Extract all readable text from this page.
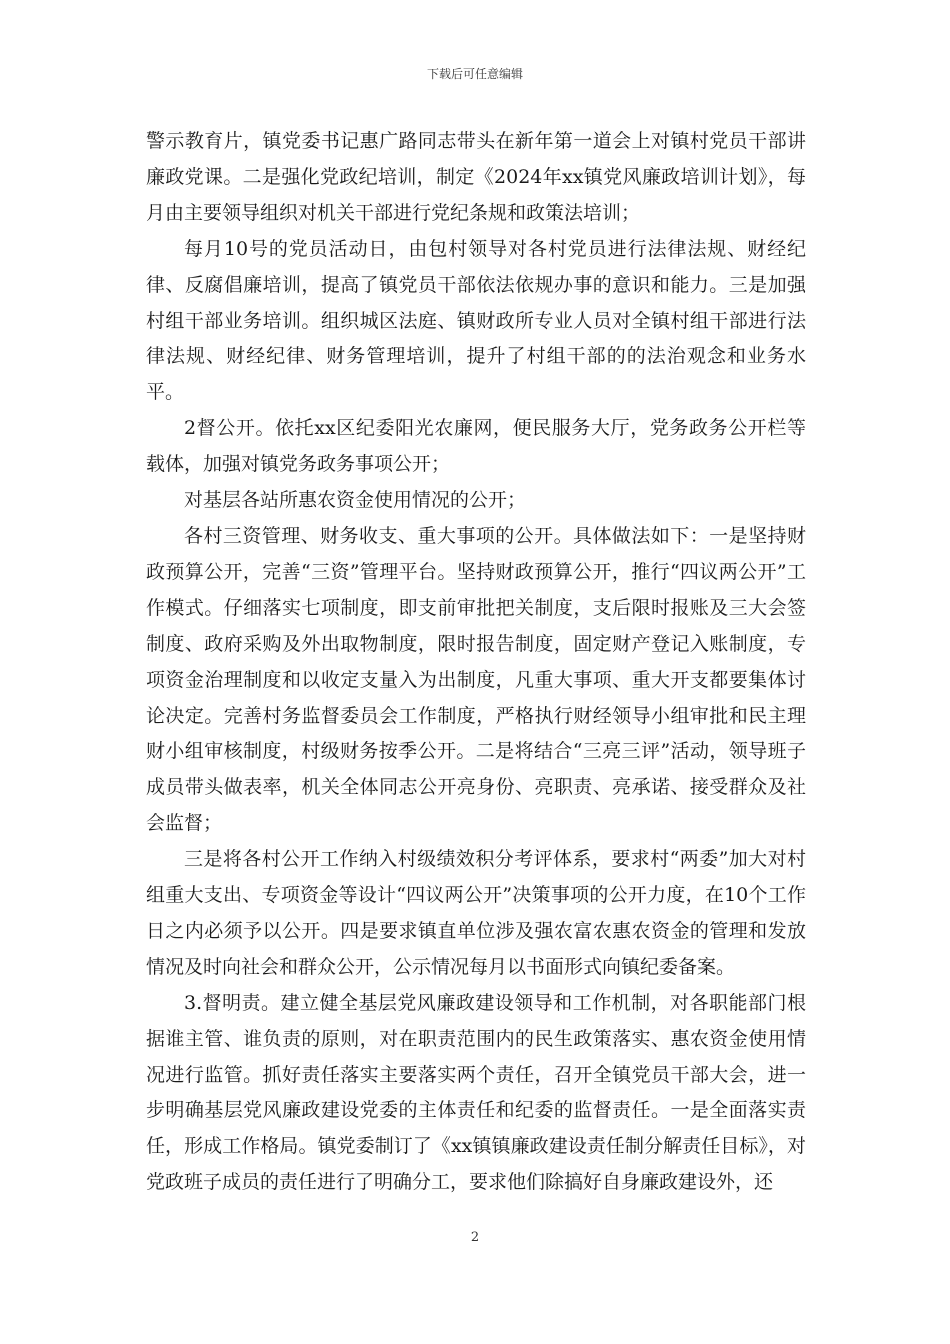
下载后可任意编辑

警示教育片，镇党委书记惠广路同志带头在新年第一道会上对镇村党员干部讲廉政党课。二是强化党政纪培训，制定《2024年xx镇党风廉政培训计划》，每月由主要领导组织对机关干部进行党纪条规和政策法培训；

每月10号的党员活动日，由包村领导对各村党员进行法律法规、财经纪律、反腐倡廉培训，提高了镇党员干部依法依规办事的意识和能力。三是加强村组干部业务培训。组织城区法庭、镇财政所专业人员对全镇村组干部进行法律法规、财经纪律、财务管理培训，提升了村组干部的的法治观念和业务水平。

2督公开。依托xx区纪委阳光农廉网，便民服务大厅，党务政务公开栏等载体，加强对镇党务政务事项公开；

对基层各站所惠农资金使用情况的公开；

各村三资管理、财务收支、重大事项的公开。具体做法如下：一是坚持财政预算公开，完善“三资”管理平台。坚持财政预算公开，推行“四议两公开”工作模式。仔细落实七项制度，即支前审批把关制度，支后限时报账及三大会签制度、政府采购及外出取物制度，限时报告制度，固定财产登记入账制度，专项资金治理制度和以收定支量入为出制度，凡重大事项、重大开支都要集体讨论决定。完善村务监督委员会工作制度，严格执行财经领导小组审批和民主理财小组审核制度，村级财务按季公开。二是将结合“三亮三评”活动，领导班子成员带头做表率，机关全体同志公开亮身份、亮职责、亮承诺、接受群众及社会监督；

三是将各村公开工作纳入村级绩效积分考评体系，要求村“两委”加大对村组重大支出、专项资金等设计“四议两公开”决策事项的公开力度，在10个工作日之内必须予以公开。四是要求镇直单位涉及强农富农惠农资金的管理和发放情况及时向社会和群众公开，公示情况每月以书面形式向镇纪委备案。

3.督明责。建立健全基层党风廉政建设领导和工作机制，对各职能部门根据谁主管、谁负责的原则，对在职责范围内的民生政策落实、惠农资金使用情况进行监管。抓好责任落实主要落实两个责任，召开全镇党员干部大会，进一步明确基层党风廉政建设党委的主体责任和纪委的监督责任。一是全面落实责任，形成工作格局。镇党委制订了《xx镇镇廉政建设责任制分解责任目标》，对党政班子成员的责任进行了明确分工，要求他们除搞好自身廉政建设外，还

2
